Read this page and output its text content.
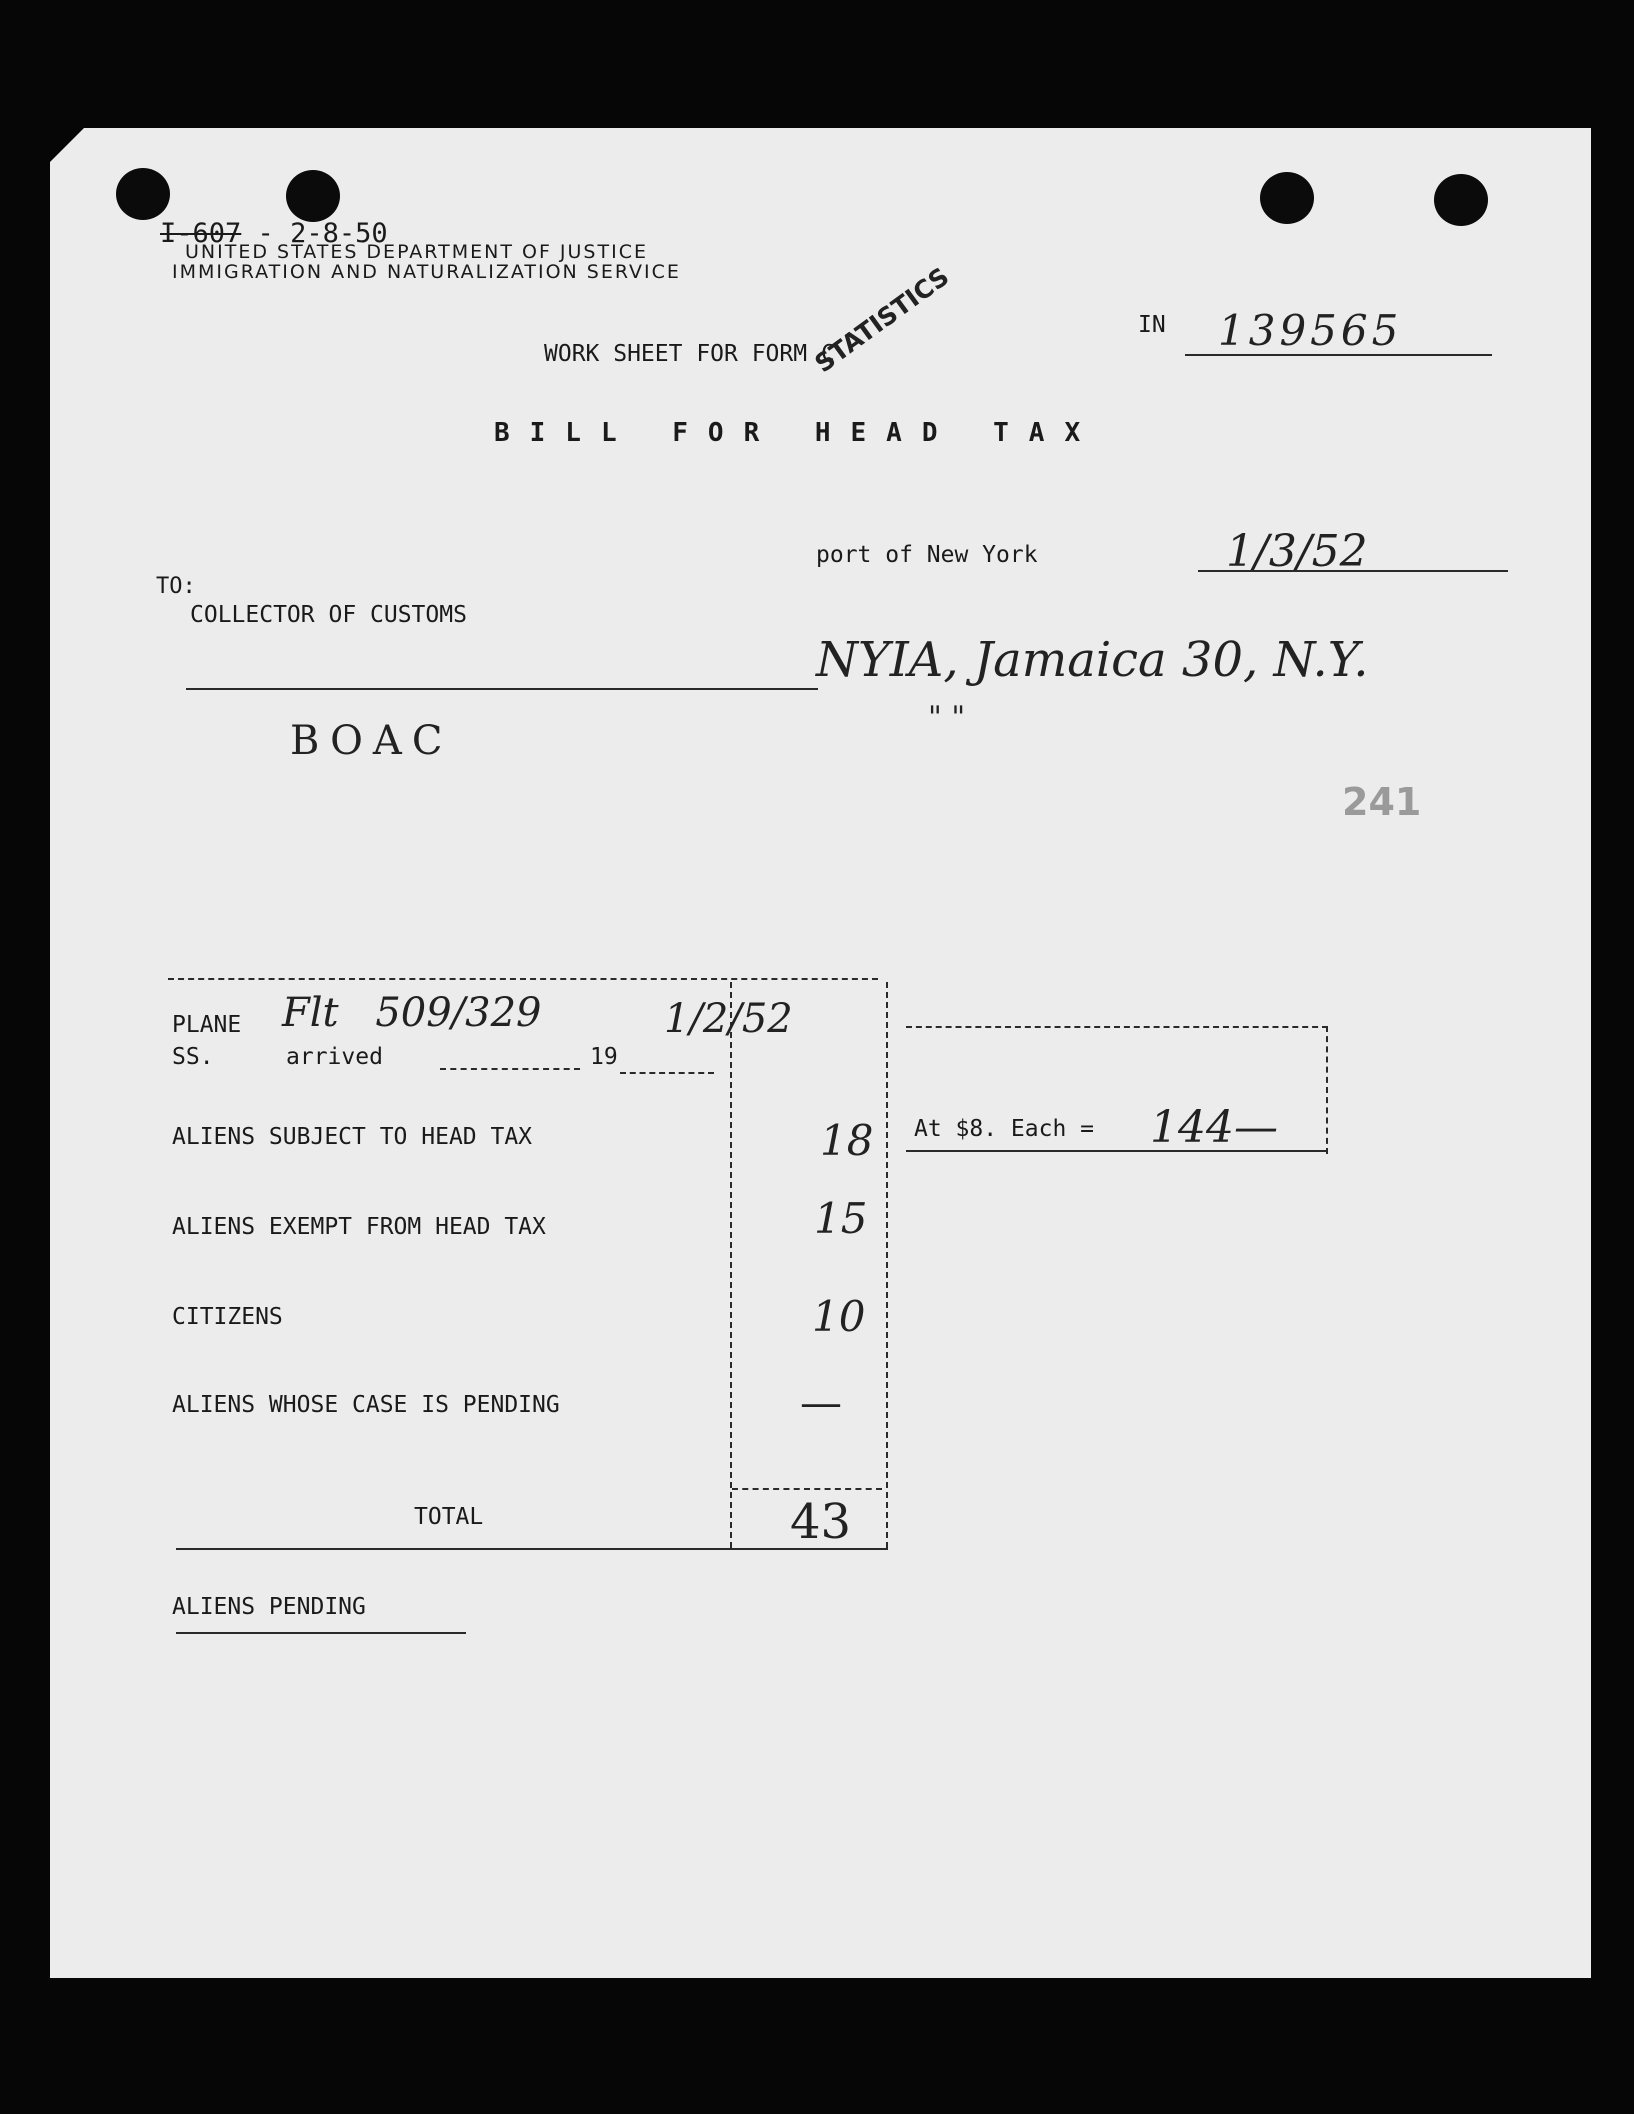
I-607 - 2-8-50
UNITED STATES DEPARTMENT OF JUSTICE
IMMIGRATION AND NATURALIZATION SERVICE
WORK SHEET FOR FORM C
STATISTICS	IN 139565
BILL FOR HEAD TAX
port of New York	1/3/52
TO:
COLLECTOR OF CUSTOMS
NYIA, Jamaica 30, N.Y.
" "
BOAC
241
PLANE Flt 509/329	1/2/52
SS.	arrived	19
ALIENS SUBJECT TO HEAD TAX	18
ALIENS EXEMPT FROM HEAD TAX	15
CITIZENS	10
ALIENS WHOSE CASE IS PENDING	—
TOTAL	43
At $8. Each = 144—
ALIENS PENDING
